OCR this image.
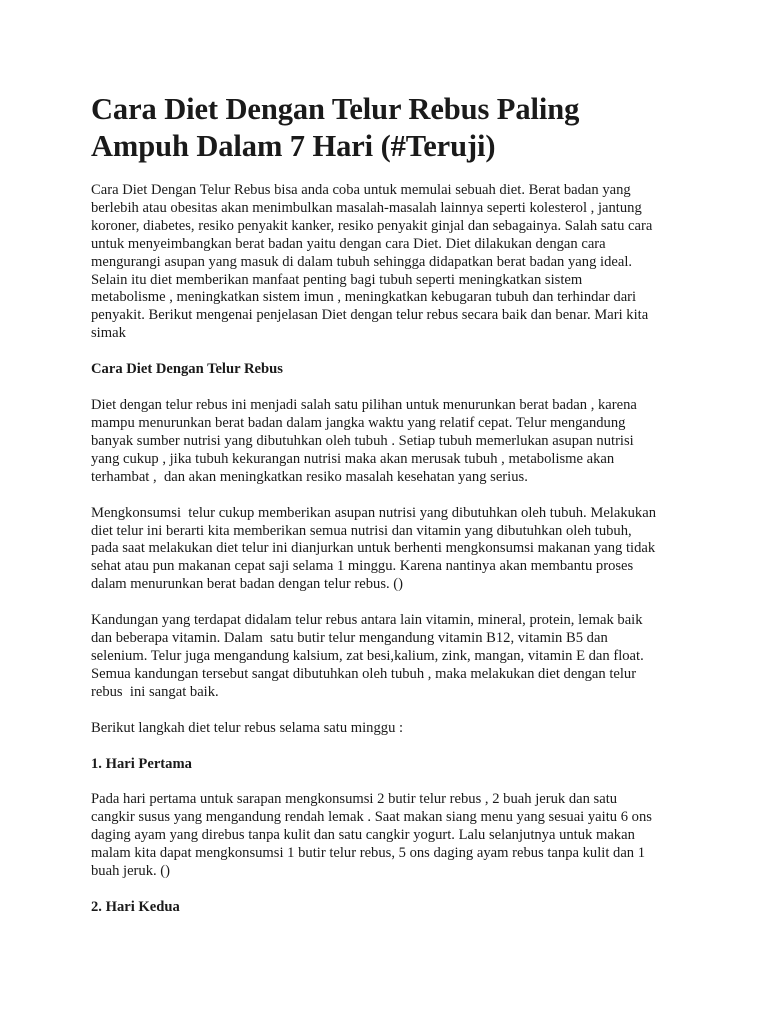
Cara Diet Dengan Telur Rebus Paling
Ampuh Dalam 7 Hari (#Teruji)
Cara Diet Dengan Telur Rebus bisa anda coba untuk memulai sebuah diet. Berat badan yang
berlebih atau obesitas akan menimbulkan masalah-masalah lainnya seperti kolesterol , jantung
koroner, diabetes, resiko penyakit kanker, resiko penyakit ginjal dan sebagainya. Salah satu cara
untuk menyeimbangkan berat badan yaitu dengan cara Diet. Diet dilakukan dengan cara
mengurangi asupan yang masuk di dalam tubuh sehingga didapatkan berat badan yang ideal.
Selain itu diet memberikan manfaat penting bagi tubuh seperti meningkatkan sistem
metabolisme , meningkatkan sistem imun , meningkatkan kebugaran tubuh dan terhindar dari
penyakit. Berikut mengenai penjelasan Diet dengan telur rebus secara baik dan benar. Mari kita
simak
Cara Diet Dengan Telur Rebus
Diet dengan telur rebus ini menjadi salah satu pilihan untuk menurunkan berat badan , karena
mampu menurunkan berat badan dalam jangka waktu yang relatif cepat. Telur mengandung
banyak sumber nutrisi yang dibutuhkan oleh tubuh . Setiap tubuh memerlukan asupan nutrisi
yang cukup , jika tubuh kekurangan nutrisi maka akan merusak tubuh , metabolisme akan
terhambat ,  dan akan meningkatkan resiko masalah kesehatan yang serius.
Mengkonsumsi  telur cukup memberikan asupan nutrisi yang dibutuhkan oleh tubuh. Melakukan
diet telur ini berarti kita memberikan semua nutrisi dan vitamin yang dibutuhkan oleh tubuh,
pada saat melakukan diet telur ini dianjurkan untuk berhenti mengkonsumsi makanan yang tidak
sehat atau pun makanan cepat saji selama 1 minggu. Karena nantinya akan membantu proses
dalam menurunkan berat badan dengan telur rebus. ()
Kandungan yang terdapat didalam telur rebus antara lain vitamin, mineral, protein, lemak baik
dan beberapa vitamin. Dalam  satu butir telur mengandung vitamin B12, vitamin B5 dan
selenium. Telur juga mengandung kalsium, zat besi,kalium, zink, mangan, vitamin E dan float.
Semua kandungan tersebut sangat dibutuhkan oleh tubuh , maka melakukan diet dengan telur
rebus  ini sangat baik.
Berikut langkah diet telur rebus selama satu minggu :
1. Hari Pertama
Pada hari pertama untuk sarapan mengkonsumsi 2 butir telur rebus , 2 buah jeruk dan satu
cangkir susus yang mengandung rendah lemak . Saat makan siang menu yang sesuai yaitu 6 ons
daging ayam yang direbus tanpa kulit dan satu cangkir yogurt. Lalu selanjutnya untuk makan
malam kita dapat mengkonsumsi 1 butir telur rebus, 5 ons daging ayam rebus tanpa kulit dan 1
buah jeruk. ()
2. Hari Kedua
